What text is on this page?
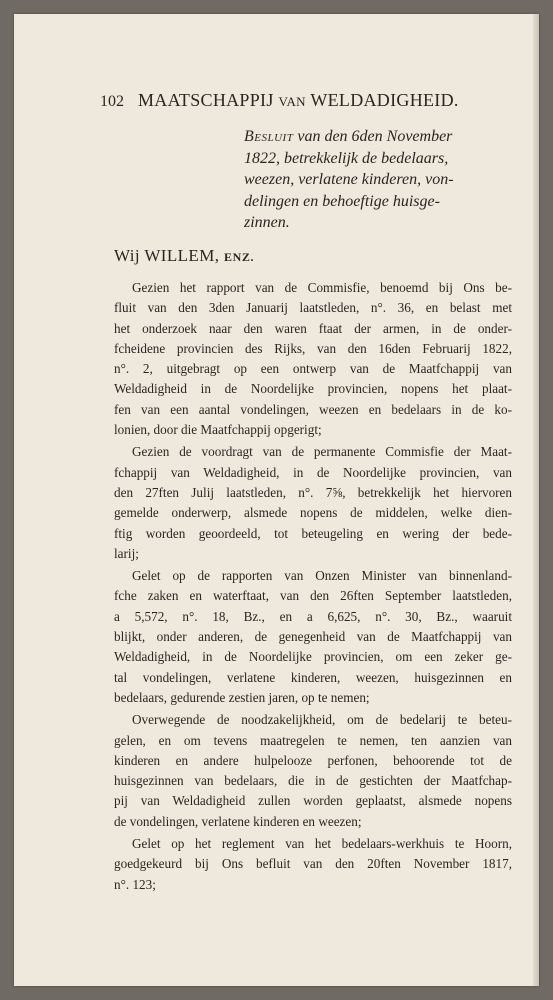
102 MAATSCHAPPIJ VAN WELDADIGHEID.
Besluit van den 6den November
1822, betrekkelijk de bedelaars,
weezen, verlatene kinderen, von-
delingen en behoeftige huisge-
zinnen.
Wij WILLEM, ENZ.
Gezien het rapport van de Commisfie, benoemd bij Ons be-
fluit van den 3den Januarij laatstleden, n°. 36, en belast met
het onderzoek naar den waren ftaat der armen, in de onder-
fcheidene provincien des Rijks, van den 16den Februarij 1822,
n°. 2, uitgebragt op een ontwerp van de Maatfchappij van
Weldadigheid in de Noordelijke provincien, nopens het plaat-
fen van een aantal vondelingen, weezen en bedelaars in de ko-
lonien, door die Maatfchappij opgerigt;
Gezien de voordragt van de permanente Commisfie der Maat-
fchappij van Weldadigheid, in de Noordelijke provincien, van
den 27ften Julij laatstleden, n°. 7⅝, betrekkelijk het hiervoren
gemelde onderwerp, alsmede nopens de middelen, welke dien-
ftig worden geoordeeld, tot beteugeling en wering der bede-
larij;
Gelet op de rapporten van Onzen Minister van binnenland-
fche zaken en waterftaat, van den 26ften September laatstleden,
a 5,572, n°. 18, Bz., en a 6,625, n°. 30, Bz., waaruit
blijkt, onder anderen, de genegenheid van de Maatfchappij van
Weldadigheid, in de Noordelijke provincien, om een zeker ge-
tal vondelingen, verlatene kinderen, weezen, huisgezinnen en
bedelaars, gedurende zestien jaren, op te nemen;
Overwegende de noodzakelijkheid, om de bedelarij te beteu-
gelen, en om tevens maatregelen te nemen, ten aanzien van
kinderen en andere hulpelooze perfonen, behoorende tot de
huisgezinnen van bedelaars, die in de gestichten der Maatfchap-
pij van Weldadigheid zullen worden geplaatst, alsmede nopens
de vondelingen, verlatene kinderen en weezen;
Gelet op het reglement van het bedelaars-werkhuis te Hoorn,
goedgekeurd bij Ons befluit van den 20ften November 1817,
n°. 123;
